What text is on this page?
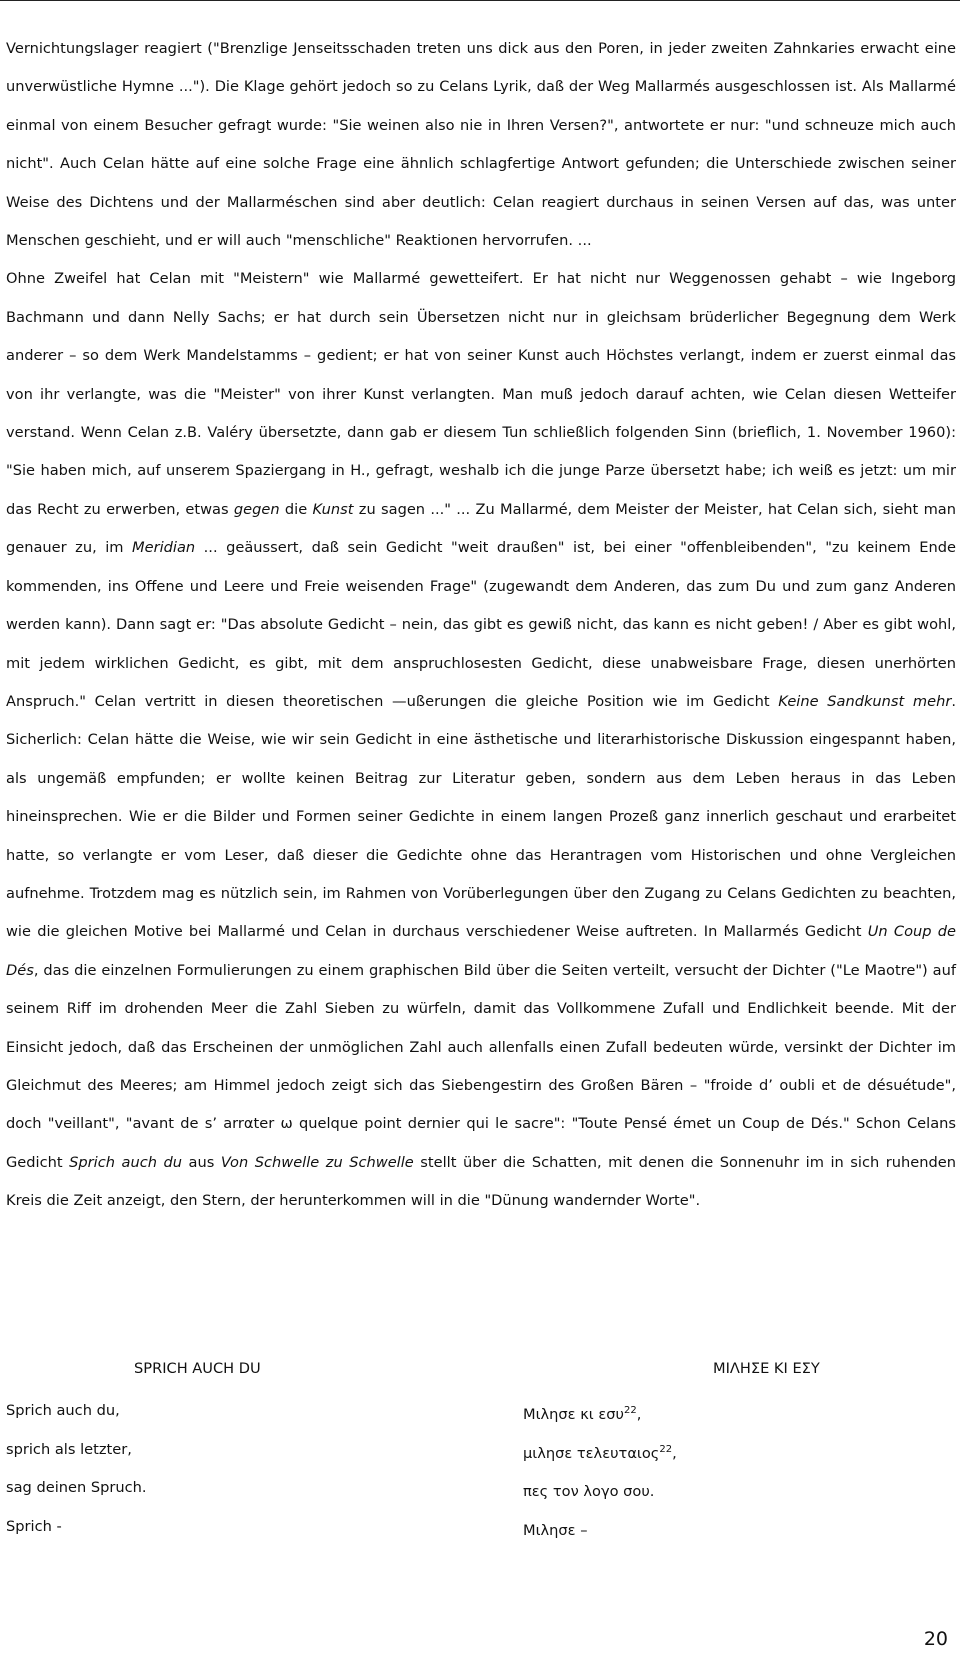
Vernichtungslager reagiert ("Brenzlige Jenseitsschaden treten uns dick aus den Poren, in jeder zweiten Zahnkaries erwacht eine unverwüstliche Hymne ..."). Die Klage gehört jedoch so zu Celans Lyrik, daß der Weg Mallarmés ausgeschlossen ist. Als Mallarmé einmal von einem Besucher gefragt wurde: "Sie weinen also nie in Ihren Versen?", antwortete er nur: "und schneuze mich auch nicht". Auch Celan hätte auf eine solche Frage eine ähnlich schlagfertige Antwort gefunden; die Unterschiede zwischen seiner Weise des Dichtens und der Mallarméschen sind aber deutlich: Celan reagiert durchaus in seinen Versen auf das, was unter Menschen geschieht, und er will auch "menschliche" Reaktionen hervorrufen. ...

Ohne Zweifel hat Celan mit "Meistern" wie Mallarmé gewetteifert. Er hat nicht nur Weggenossen gehabt – wie Ingeborg Bachmann und dann Nelly Sachs; er hat durch sein Übersetzen nicht nur in gleichsam brüderlicher Begegnung dem Werk anderer – so dem Werk Mandelstamms – gedient; er hat von seiner Kunst auch Höchstes verlangt, indem er zuerst einmal das von ihr verlangte, was die "Meister" von ihrer Kunst verlangten. Man muß jedoch darauf achten, wie Celan diesen Wetteifer verstand. Wenn Celan z.B. Valéry übersetzte, dann gab er diesem Tun schließlich folgenden Sinn (brieflich, 1. November 1960): "Sie haben mich, auf unserem Spaziergang in H., gefragt, weshalb ich die junge Parze übersetzt habe; ich weiß es jetzt: um mir das Recht zu erwerben, etwas gegen die Kunst zu sagen ..." ... Zu Mallarmé, dem Meister der Meister, hat Celan sich, sieht man genauer zu, im Meridian ... geäussert, daß sein Gedicht "weit draußen" ist, bei einer "offenbleibenden", "zu keinem Ende kommenden, ins Offene und Leere und Freie weisenden Frage" (zugewandt dem Anderen, das zum Du und zum ganz Anderen werden kann). Dann sagt er: "Das absolute Gedicht – nein, das gibt es gewiß nicht, das kann es nicht geben! / Aber es gibt wohl, mit jedem wirklichen Gedicht, es gibt, mit dem anspruchlosesten Gedicht, diese unabweisbare Frage, diesen unerhörten Anspruch." Celan vertritt in diesen theoretischen —ußerungen die gleiche Position wie im Gedicht Keine Sandkunst mehr. Sicherlich: Celan hätte die Weise, wie wir sein Gedicht in eine ästhetische und literarhistorische Diskussion eingespannt haben, als ungemäß empfunden; er wollte keinen Beitrag zur Literatur geben, sondern aus dem Leben heraus in das Leben hineinsprechen. Wie er die Bilder und Formen seiner Gedichte in einem langen Prozeß ganz innerlich geschaut und erarbeitet hatte, so verlangte er vom Leser, daß dieser die Gedichte ohne das Herantragen vom Historischen und ohne Vergleichen aufnehme. Trotzdem mag es nützlich sein, im Rahmen von Vorüberlegungen über den Zugang zu Celans Gedichten zu beachten, wie die gleichen Motive bei Mallarmé und Celan in durchaus verschiedener Weise auftreten. In Mallarmés Gedicht Un Coup de Dés, das die einzelnen Formulierungen zu einem graphischen Bild über die Seiten verteilt, versucht der Dichter ("Le Maotre") auf seinem Riff im drohenden Meer die Zahl Sieben zu würfeln, damit das Vollkommene Zufall und Endlichkeit beende. Mit der Einsicht jedoch, daß das Erscheinen der unmöglichen Zahl auch allenfalls einen Zufall bedeuten würde, versinkt der Dichter im Gleichmut des Meeres; am Himmel jedoch zeigt sich das Siebengestirn des Großen Bären – "froide d’ oubli et de désuétude", doch "veillant", "avant de s’ arrαter ω quelque point dernier qui le sacre": "Toute Pensé émet un Coup de Dés." Schon Celans Gedicht Sprich auch du aus Von Schwelle zu Schwelle stellt über die Schatten, mit denen die Sonnenuhr im in sich ruhenden Kreis die Zeit anzeigt, den Stern, der herunterkommen will in die "Dünung wandernder Worte".

SPRICH AUCH DU	ΜΙΛΗΣΕ ΚΙ ΕΣΥ
Sprich auch du,
sprich als letzter,
sag deinen Spruch.
Sprich -
Μιλησε κι εσυ$^{22}$,
μιλησε τελευταιος$^{22}$,
πες τον λογο σου.
Μιλησε –
20
